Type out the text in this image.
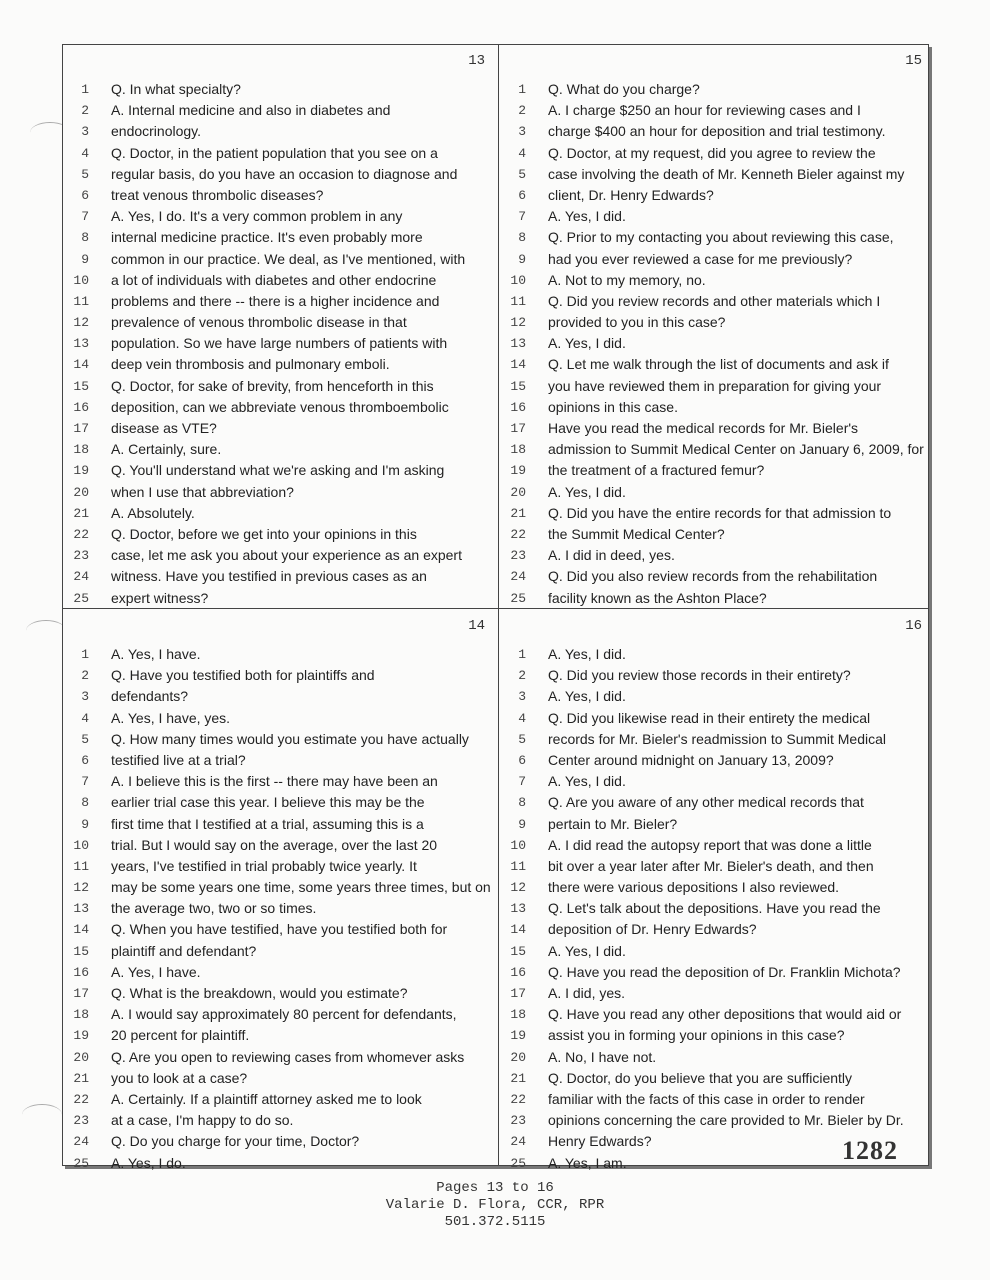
13
1 Q. In what specialty?
2 A. Internal medicine and also in diabetes and
3 endocrinology.
4 Q. Doctor, in the patient population that you see on a
5 regular basis, do you have an occasion to diagnose and
6 treat venous thrombolic diseases?
7 A. Yes, I do. It's a very common problem in any
8 internal medicine practice. It's even probably more
9 common in our practice. We deal, as I've mentioned, with
10 a lot of individuals with diabetes and other endocrine
11 problems and there -- there is a higher incidence and
12 prevalence of venous thrombolic disease in that
13 population. So we have large numbers of patients with
14 deep vein thrombosis and pulmonary emboli.
15 Q. Doctor, for sake of brevity, from henceforth in this
16 deposition, can we abbreviate venous thromboembolic
17 disease as VTE?
18 A. Certainly, sure.
19 Q. You'll understand what we're asking and I'm asking
20 when I use that abbreviation?
21 A. Absolutely.
22 Q. Doctor, before we get into your opinions in this
23 case, let me ask you about your experience as an expert
24 witness. Have you testified in previous cases as an
25 expert witness?
15
1 Q. What do you charge?
2 A. I charge $250 an hour for reviewing cases and I
3 charge $400 an hour for deposition and trial testimony.
4 Q. Doctor, at my request, did you agree to review the
5 case involving the death of Mr. Kenneth Bieler against my
6 client, Dr. Henry Edwards?
7 A. Yes, I did.
8 Q. Prior to my contacting you about reviewing this case,
9 had you ever reviewed a case for me previously?
10 A. Not to my memory, no.
11 Q. Did you review records and other materials which I
12 provided to you in this case?
13 A. Yes, I did.
14 Q. Let me walk through the list of documents and ask if
15 you have reviewed them in preparation for giving your
16 opinions in this case.
17 Have you read the medical records for Mr. Bieler's
18 admission to Summit Medical Center on January 6, 2009, for
19 the treatment of a fractured femur?
20 A. Yes, I did.
21 Q. Did you have the entire records for that admission to
22 the Summit Medical Center?
23 A. I did in deed, yes.
24 Q. Did you also review records from the rehabilitation
25 facility known as the Ashton Place?
14
1 A. Yes, I have.
2 Q. Have you testified both for plaintiffs and
3 defendants?
4 A. Yes, I have, yes.
5 Q. How many times would you estimate you have actually
6 testified live at a trial?
7 A. I believe this is the first -- there may have been an
8 earlier trial case this year. I believe this may be the
9 first time that I testified at a trial, assuming this is a
10 trial. But I would say on the average, over the last 20
11 years, I've testified in trial probably twice yearly. It
12 may be some years one time, some years three times, but on
13 the average two, two or so times.
14 Q. When you have testified, have you testified both for
15 plaintiff and defendant?
16 A. Yes, I have.
17 Q. What is the breakdown, would you estimate?
18 A. I would say approximately 80 percent for defendants,
19 20 percent for plaintiff.
20 Q. Are you open to reviewing cases from whomever asks
21 you to look at a case?
22 A. Certainly. If a plaintiff attorney asked me to look
23 at a case, I'm happy to do so.
24 Q. Do you charge for your time, Doctor?
25 A. Yes, I do.
16
1 A. Yes, I did.
2 Q. Did you review those records in their entirety?
3 A. Yes, I did.
4 Q. Did you likewise read in their entirety the medical
5 records for Mr. Bieler's readmission to Summit Medical
6 Center around midnight on January 13, 2009?
7 A. Yes, I did.
8 Q. Are you aware of any other medical records that
9 pertain to Mr. Bieler?
10 A. I did read the autopsy report that was done a little
11 bit over a year later after Mr. Bieler's death, and then
12 there were various depositions I also reviewed.
13 Q. Let's talk about the depositions. Have you read the
14 deposition of Dr. Henry Edwards?
15 A. Yes, I did.
16 Q. Have you read the deposition of Dr. Franklin Michota?
17 A. I did, yes.
18 Q. Have you read any other depositions that would aid or
19 assist you in forming your opinions in this case?
20 A. No, I have not.
21 Q. Doctor, do you believe that you are sufficiently
22 familiar with the facts of this case in order to render
23 opinions concerning the care provided to Mr. Bieler by Dr.
24 Henry Edwards?
25 A. Yes, I am.	1282
Pages 13 to 16
Valarie D. Flora, CCR, RPR
501.372.5115
